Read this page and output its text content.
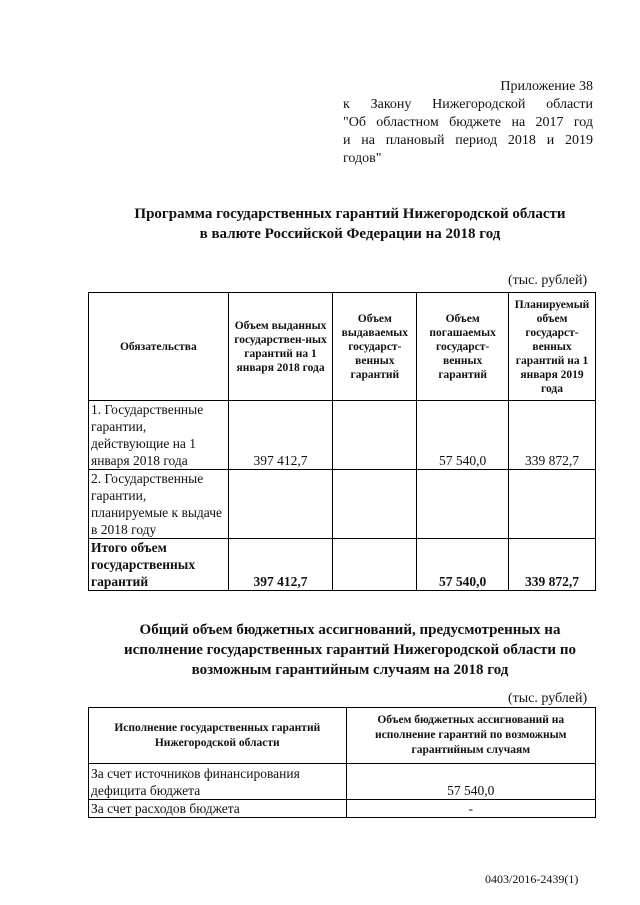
Приложение 38
к Закону Нижегородской области
"Об областном бюджете на 2017 год
и на плановый период 2018 и 2019
годов"
Программа государственных гарантий Нижегородской области
в валюте Российской Федерации на 2018 год
(тыс. рублей)
Обязательства	Объем выданных государствен-ных гарантий на 1 января 2018 года	Объем выдаваемых государст-венных гарантий	Объем погашаемых государст-венных гарантий	Планируемый объем государст-венных гарантий на 1 января 2019 года
1. Государственные гарантии, действующие на 1 января 2018 года	397 412,7		57 540,0	339 872,7
2. Государственные гарантии, планируемые к выдаче в 2018 году				
Итого объем государственных гарантий	397 412,7		57 540,0	339 872,7
Общий объем бюджетных ассигнований, предусмотренных на
исполнение государственных гарантий Нижегородской области по
возможным гарантийным случаям на 2018 год
(тыс. рублей)
Исполнение государственных гарантий Нижегородской области	Объем бюджетных ассигнований на исполнение гарантий по возможным гарантийным случаям
За счет источников финансирования дефицита бюджета	57 540,0
За счет расходов бюджета	-
0403/2016-2439(1)
